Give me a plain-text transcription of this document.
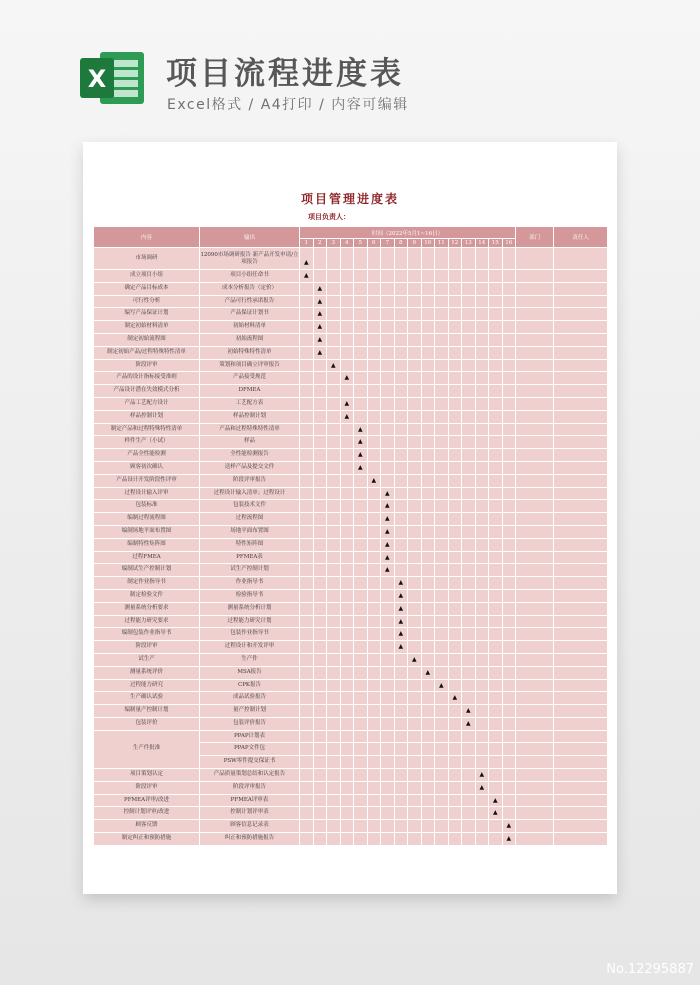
X 项目流程进度表
Excel格式 / A4打印 / 内容可编辑
项目管理进度表
项目负责人：
内容	输出	时间（2022年5月1~16日）																部门	责任人
		1	2	3	4	5	6	7	8	9	10	11	12	13	14	15	16		
市场调研	12090市场调研报告 新产品开发申请/立项报告	▲																	
成立项目小组	项目小组任命书	▲																	
确定产品目标成本	成本分析报告（定价）		▲																
可行性分析	产品可行性承诺报告		▲																
编写产品保证计划	产品保证计划书		▲																
制定初始材料清单	初始材料清单		▲																
制定初始流程图	初始流程图		▲																
制定初始产品/过程特殊特性清单	初始特殊特性清单		▲																
阶段评审	策划和项目确立评审报告			▲															
产品的设计指标接受准则	产品接受规范				▲														
产品设计潜在失效模式分析	DFMEA																		
产品工艺配方设计	工艺配方表				▲														
样品控制计划	样品控制计划				▲														
制定产品和过程特殊特性清单	产品和过程特殊特性清单					▲													
样件生产（小试）	样品					▲													
产品全性能检测	全性能检测报告					▲													
顾客初次确认	送样产品及提交文件					▲													
产品设计开发阶段性评审	阶段评审报告						▲												
过程设计输入评审	过程设计输入清单；过程设计							▲											
包装标准	包装技术文件							▲											
编制过程流程图	过程流程图							▲											
编制场地平面布置图	场地平面布置图							▲											
编制特性矩阵图	特性矩阵图							▲											
过程FMEA	PFMEA表							▲											
编制试生产控制计划	试生产控制计划							▲											
制定作业指导书	作业指导书								▲										
制定检验文件	检验指导书								▲										
测量系统分析要求	测量系统分析计划								▲										
过程能力研究要求	过程能力研究计划								▲										
编制包装作业指导书	包装作业指导书								▲										
阶段评审	过程设计和开发评审								▲										
试生产	生产件									▲									
测量系统评价	MSA报告										▲								
过程能力研究	CPK报告											▲							
生产确认试验	成品试验报告												▲						
编制量产控制计划	量产控制计划													▲					
包装评价	包装评价报告													▲					
生产件批准	PPAP计划表																		
	PPAP文件包																		
	PSW零件提交保证书																		
项目策划认定	产品质量策划总结和认定报告														▲				
阶段评审	阶段评审报告														▲				
PFMEA评审/改进	PFMEA评审表															▲			
控制计划评审/改进	控制计划评审表															▲			
顾客反馈	顾客信息记录表																▲		
制定纠正和预防措施	纠正和预防措施报告																▲		
No.12295887
